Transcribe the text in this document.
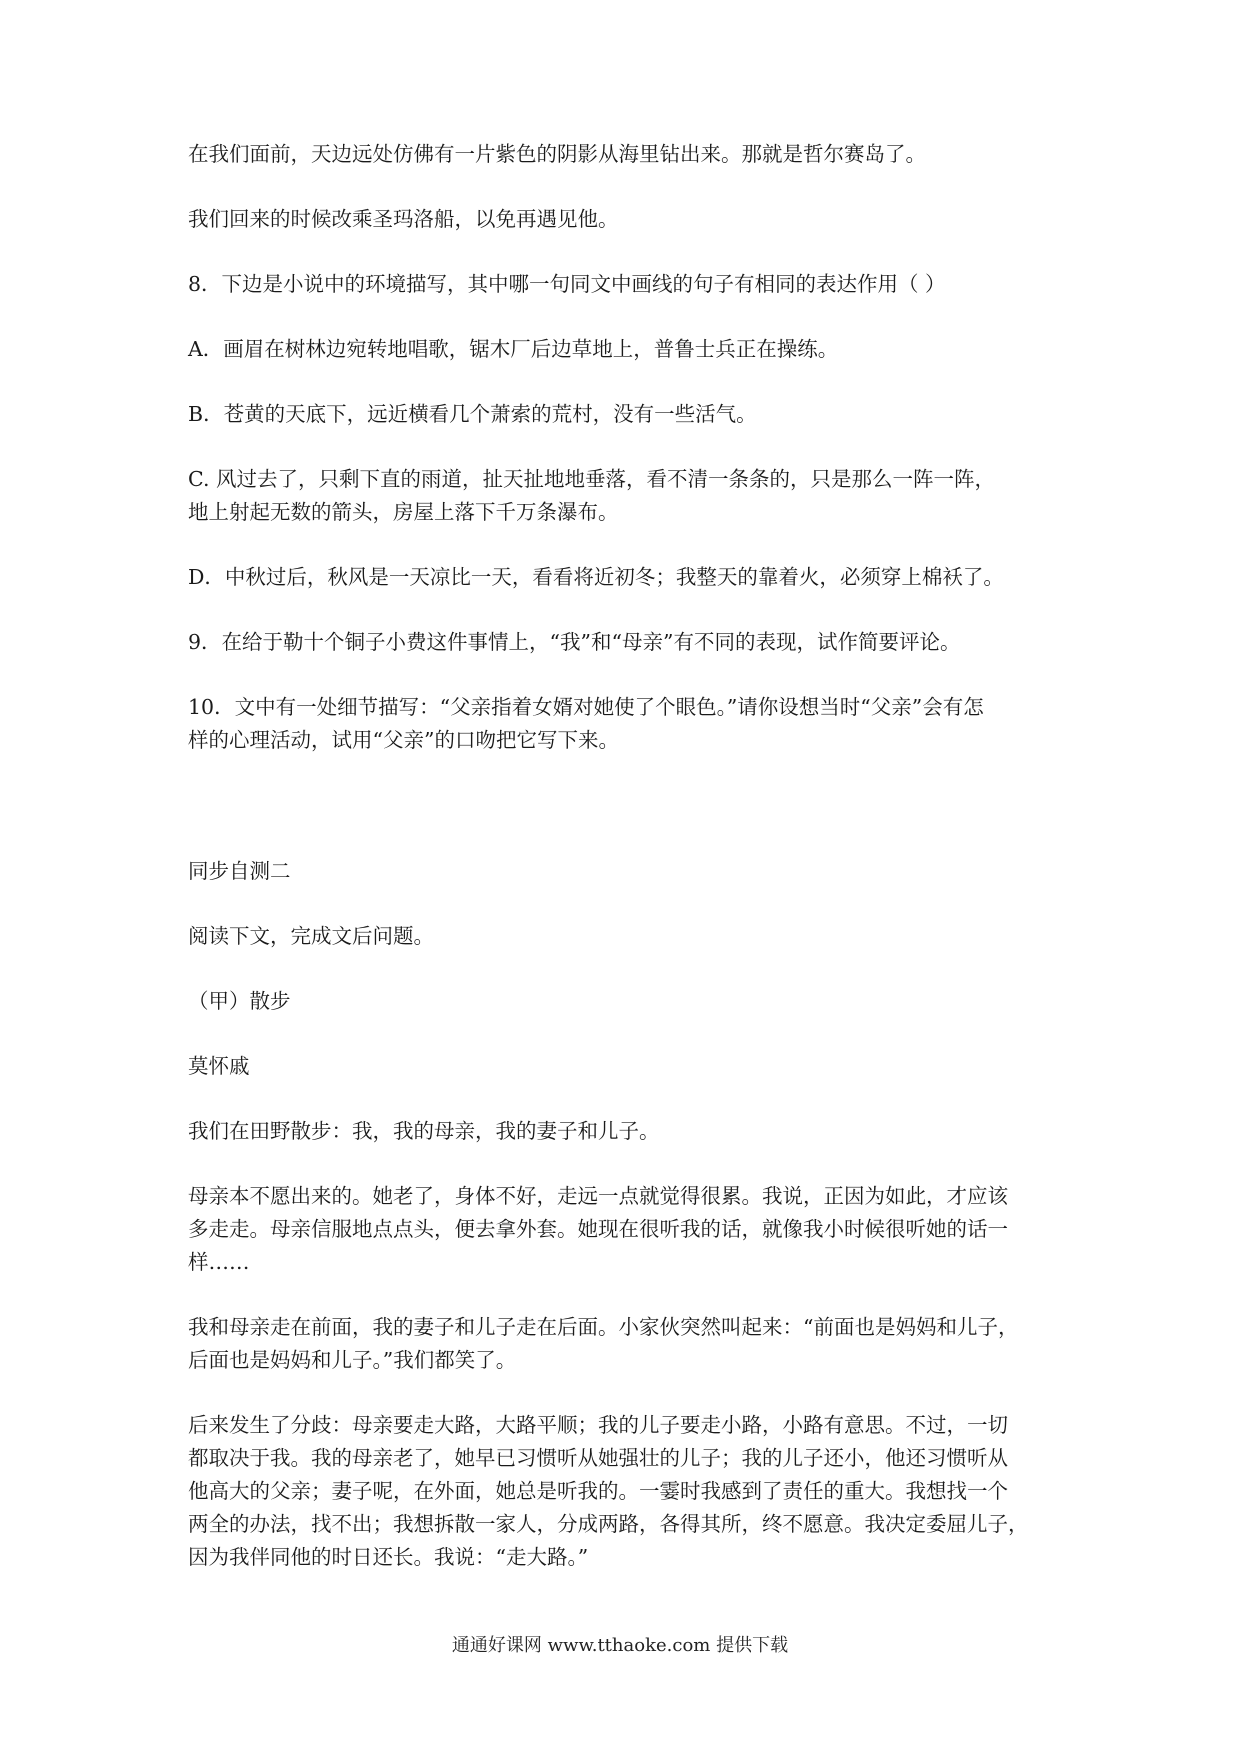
在我们面前，天边远处仿佛有一片紫色的阴影从海里钻出来。那就是哲尔赛岛了。

我们回来的时候改乘圣玛洛船，以免再遇见他。

8．下边是小说中的环境描写，其中哪一句同文中画线的句子有相同的表达作用（ ）

A．画眉在树林边宛转地唱歌，锯木厂后边草地上，普鲁士兵正在操练。

B．苍黄的天底下，远近横看几个萧索的荒村，没有一些活气。

C. 风过去了，只剩下直的雨道，扯天扯地地垂落，看不清一条条的，只是那么一阵一阵，

地上射起无数的箭头，房屋上落下千万条瀑布。

D．中秋过后，秋风是一天凉比一天，看看将近初冬；我整天的靠着火，必须穿上棉袄了。

9．在给于勒十个铜子小费这件事情上，“我”和“母亲”有不同的表现，试作简要评论。

10．文中有一处细节描写：“父亲指着女婿对她使了个眼色。”请你设想当时“父亲”会有怎

样的心理活动，试用“父亲”的口吻把它写下来。

同步自测二

阅读下文，完成文后问题。

（甲）散步

莫怀戚

我们在田野散步：我，我的母亲，我的妻子和儿子。

母亲本不愿出来的。她老了，身体不好，走远一点就觉得很累。我说，正因为如此，才应该

多走走。母亲信服地点点头，便去拿外套。她现在很听我的话，就像我小时候很听她的话一

样……

我和母亲走在前面，我的妻子和儿子走在后面。小家伙突然叫起来：“前面也是妈妈和儿子，

后面也是妈妈和儿子。”我们都笑了。

后来发生了分歧：母亲要走大路，大路平顺；我的儿子要走小路，小路有意思。不过，一切

都取决于我。我的母亲老了，她早已习惯听从她强壮的儿子；我的儿子还小，他还习惯听从

他高大的父亲；妻子呢，在外面，她总是听我的。一霎时我感到了责任的重大。我想找一个

两全的办法，找不出；我想拆散一家人，分成两路，各得其所，终不愿意。我决定委屈儿子，

因为我伴同他的时日还长。我说：“走大路。”

通通好课网 www.tthaoke.com 提供下载
